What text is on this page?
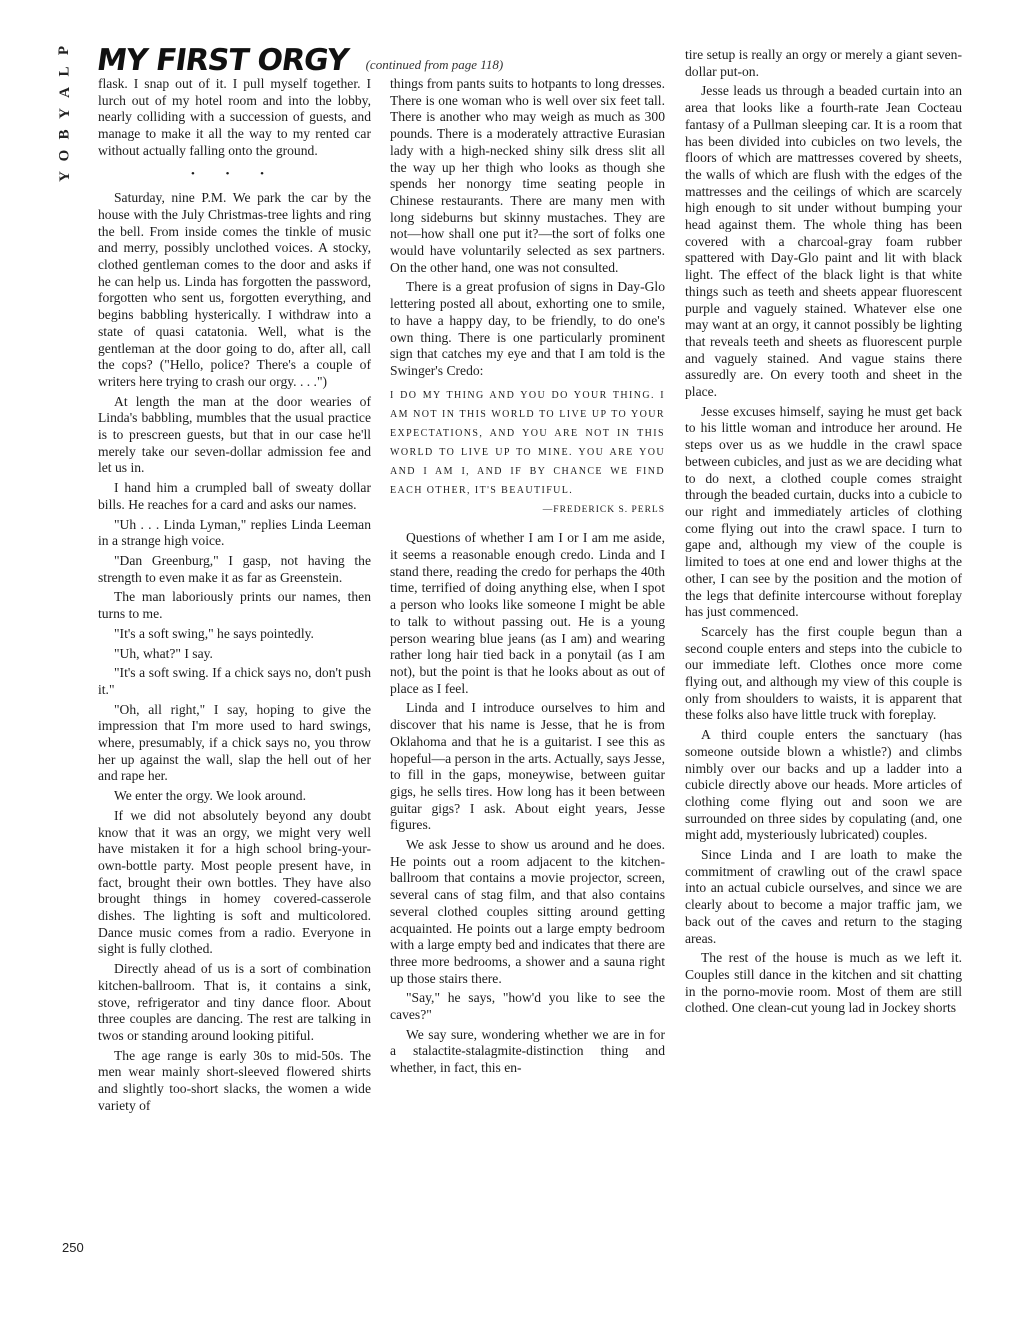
P
L
A
Y
B
O
Y
MY FIRST ORGY (continued from page 118)

flask. I snap out of it. I pull myself together. I lurch out of my hotel room and into the lobby, nearly colliding with a succession of guests, and manage to make it all the way to my rented car without actually falling onto the ground.

• • •

Saturday, nine P.M. We park the car by the house with the July Christmas-tree lights and ring the bell. From inside comes the tinkle of music and merry, possibly unclothed voices. A stocky, clothed gentleman comes to the door and asks if he can help us. Linda has forgotten the password, forgotten who sent us, forgotten everything, and begins babbling hysterically. I withdraw into a state of quasi catatonia. Well, what is the gentleman at the door going to do, after all, call the cops? ("Hello, police? There's a couple of writers here trying to crash our orgy. . . .")

At length the man at the door wearies of Linda's babbling, mumbles that the usual practice is to prescreen guests, but that in our case he'll merely take our seven-dollar admission fee and let us in.

I hand him a crumpled ball of sweaty dollar bills. He reaches for a card and asks our names.

"Uh . . . Linda Lyman," replies Linda Leeman in a strange high voice.

"Dan Greenburg," I gasp, not having the strength to even make it as far as Greenstein.

The man laboriously prints our names, then turns to me.

"It's a soft swing," he says pointedly.

"Uh, what?" I say.

"It's a soft swing. If a chick says no, don't push it."

"Oh, all right," I say, hoping to give the impression that I'm more used to hard swings, where, presumably, if a chick says no, you throw her up against the wall, slap the hell out of her and rape her.

We enter the orgy. We look around.

If we did not absolutely beyond any doubt know that it was an orgy, we might very well have mistaken it for a high school bring-your-own-bottle party. Most people present have, in fact, brought their own bottles. They have also brought things in homey covered-casserole dishes. The lighting is soft and multicolored. Dance music comes from a radio. Everyone in sight is fully clothed.

Directly ahead of us is a sort of combination kitchen-ballroom. That is, it contains a sink, stove, refrigerator and tiny dance floor. About three couples are dancing. The rest are talking in twos or standing around looking pitiful.

The age range is early 30s to mid-50s. The men wear mainly short-sleeved flowered shirts and slightly too-short slacks, the women a wide variety of

things from pants suits to hotpants to long dresses. There is one woman who is well over six feet tall. There is another who may weigh as much as 300 pounds. There is a moderately attractive Eurasian lady with a high-necked shiny silk dress slit all the way up her thigh who looks as though she spends her nonorgy time seating people in Chinese restaurants. There are many men with long sideburns but skinny mustaches. They are not—how shall one put it?—the sort of folks one would have voluntarily selected as sex partners. On the other hand, one was not consulted.

There is a great profusion of signs in Day-Glo lettering posted all about, exhorting one to smile, to have a happy day, to be friendly, to do one's own thing. There is one particularly prominent sign that catches my eye and that I am told is the Swinger's Credo:

I DO MY THING AND YOU DO YOUR THING. I AM NOT IN THIS WORLD TO LIVE UP TO YOUR EXPECTATIONS, AND YOU ARE NOT IN THIS WORLD TO LIVE UP TO MINE. YOU ARE YOU AND I AM I, AND IF BY CHANCE WE FIND EACH OTHER, IT'S BEAUTIFUL.
—FREDERICK S. PERLS

Questions of whether I am I or I am me aside, it seems a reasonable enough credo. Linda and I stand there, reading the credo for perhaps the 40th time, terrified of doing anything else, when I spot a person who looks like someone I might be able to talk to without passing out. He is a young person wearing blue jeans (as I am) and wearing rather long hair tied back in a ponytail (as I am not), but the point is that he looks about as out of place as I feel.

Linda and I introduce ourselves to him and discover that his name is Jesse, that he is from Oklahoma and that he is a guitarist. I see this as hopeful—a person in the arts. Actually, says Jesse, to fill in the gaps, moneywise, between guitar gigs, he sells tires. How long has it been between guitar gigs? I ask. About eight years, Jesse figures.

We ask Jesse to show us around and he does. He points out a room adjacent to the kitchen-ballroom that contains a movie projector, screen, several cans of stag film, and that also contains several clothed couples sitting around getting acquainted. He points out a large empty bedroom with a large empty bed and indicates that there are three more bedrooms, a shower and a sauna right up those stairs there.

"Say," he says, "how'd you like to see the caves?"

We say sure, wondering whether we are in for a stalactite-stalagmite-distinction thing and whether, in fact, this en-

tire setup is really an orgy or merely a giant seven-dollar put-on.

Jesse leads us through a beaded curtain into an area that looks like a fourth-rate Jean Cocteau fantasy of a Pullman sleeping car. It is a room that has been divided into cubicles on two levels, the floors of which are mattresses covered by sheets, the walls of which are flush with the edges of the mattresses and the ceilings of which are scarcely high enough to sit under without bumping your head against them. The whole thing has been covered with a charcoal-gray foam rubber spattered with Day-Glo paint and lit with black light. The effect of the black light is that white things such as teeth and sheets appear fluorescent purple and vaguely stained. Whatever else one may want at an orgy, it cannot possibly be lighting that reveals teeth and sheets as fluorescent purple and vaguely stained. And vague stains there assuredly are. On every tooth and sheet in the place.

Jesse excuses himself, saying he must get back to his little woman and introduce her around. He steps over us as we huddle in the crawl space between cubicles, and just as we are deciding what to do next, a clothed couple comes straight through the beaded curtain, ducks into a cubicle to our right and immediately articles of clothing come flying out into the crawl space. I turn to gape and, although my view of the couple is limited to toes at one end and lower thighs at the other, I can see by the position and the motion of the legs that definite intercourse without foreplay has just commenced.

Scarcely has the first couple begun than a second couple enters and steps into the cubicle to our immediate left. Clothes once more come flying out, and although my view of this couple is only from shoulders to waists, it is apparent that these folks also have little truck with foreplay.

A third couple enters the sanctuary (has someone outside blown a whistle?) and climbs nimbly over our backs and up a ladder into a cubicle directly above our heads. More articles of clothing come flying out and soon we are surrounded on three sides by copulating (and, one might add, mysteriously lubricated) couples.

Since Linda and I are loath to make the commitment of crawling out of the crawl space into an actual cubicle ourselves, and since we are clearly about to become a major traffic jam, we back out of the caves and return to the staging areas.

The rest of the house is much as we left it. Couples still dance in the kitchen and sit chatting in the porno-movie room. Most of them are still clothed. One clean-cut young lad in Jockey shorts

250
